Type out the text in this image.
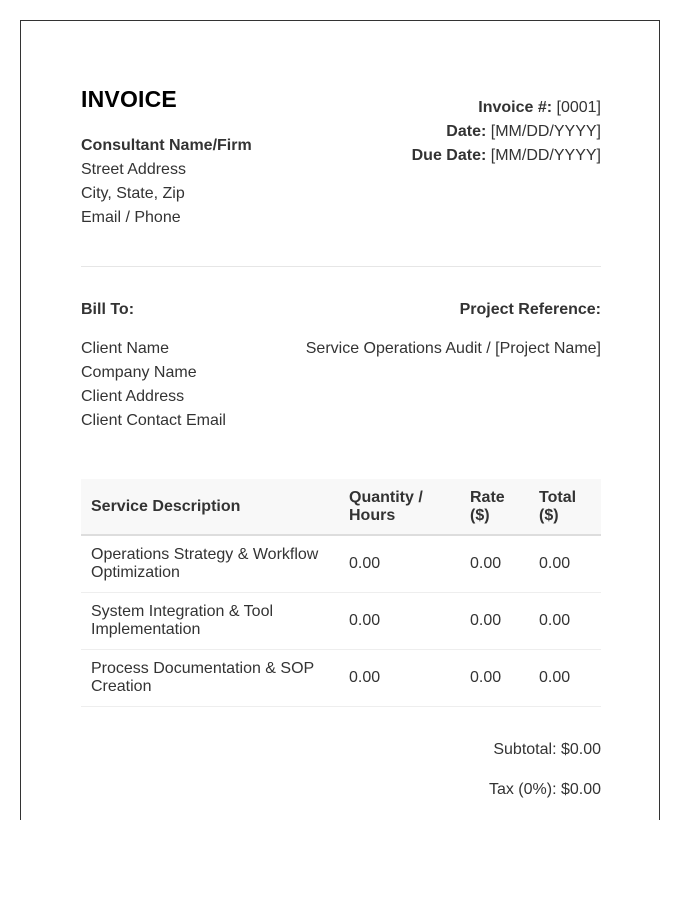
INVOICE
Consultant Name/Firm
Street Address
City, State, Zip
Email / Phone
Invoice #: [0001]
Date: [MM/DD/YYYY]
Due Date: [MM/DD/YYYY]
Bill To:	Project Reference:
Client Name
Company Name
Client Address
Client Contact Email
Service Operations Audit / [Project Name]
Service Description	Quantity / Hours	Rate ($)	Total ($)
Operations Strategy & Workflow Optimization	0.00	0.00	0.00
System Integration & Tool Implementation	0.00	0.00	0.00
Process Documentation & SOP Creation	0.00	0.00	0.00
Subtotal: $0.00
Tax (0%): $0.00
